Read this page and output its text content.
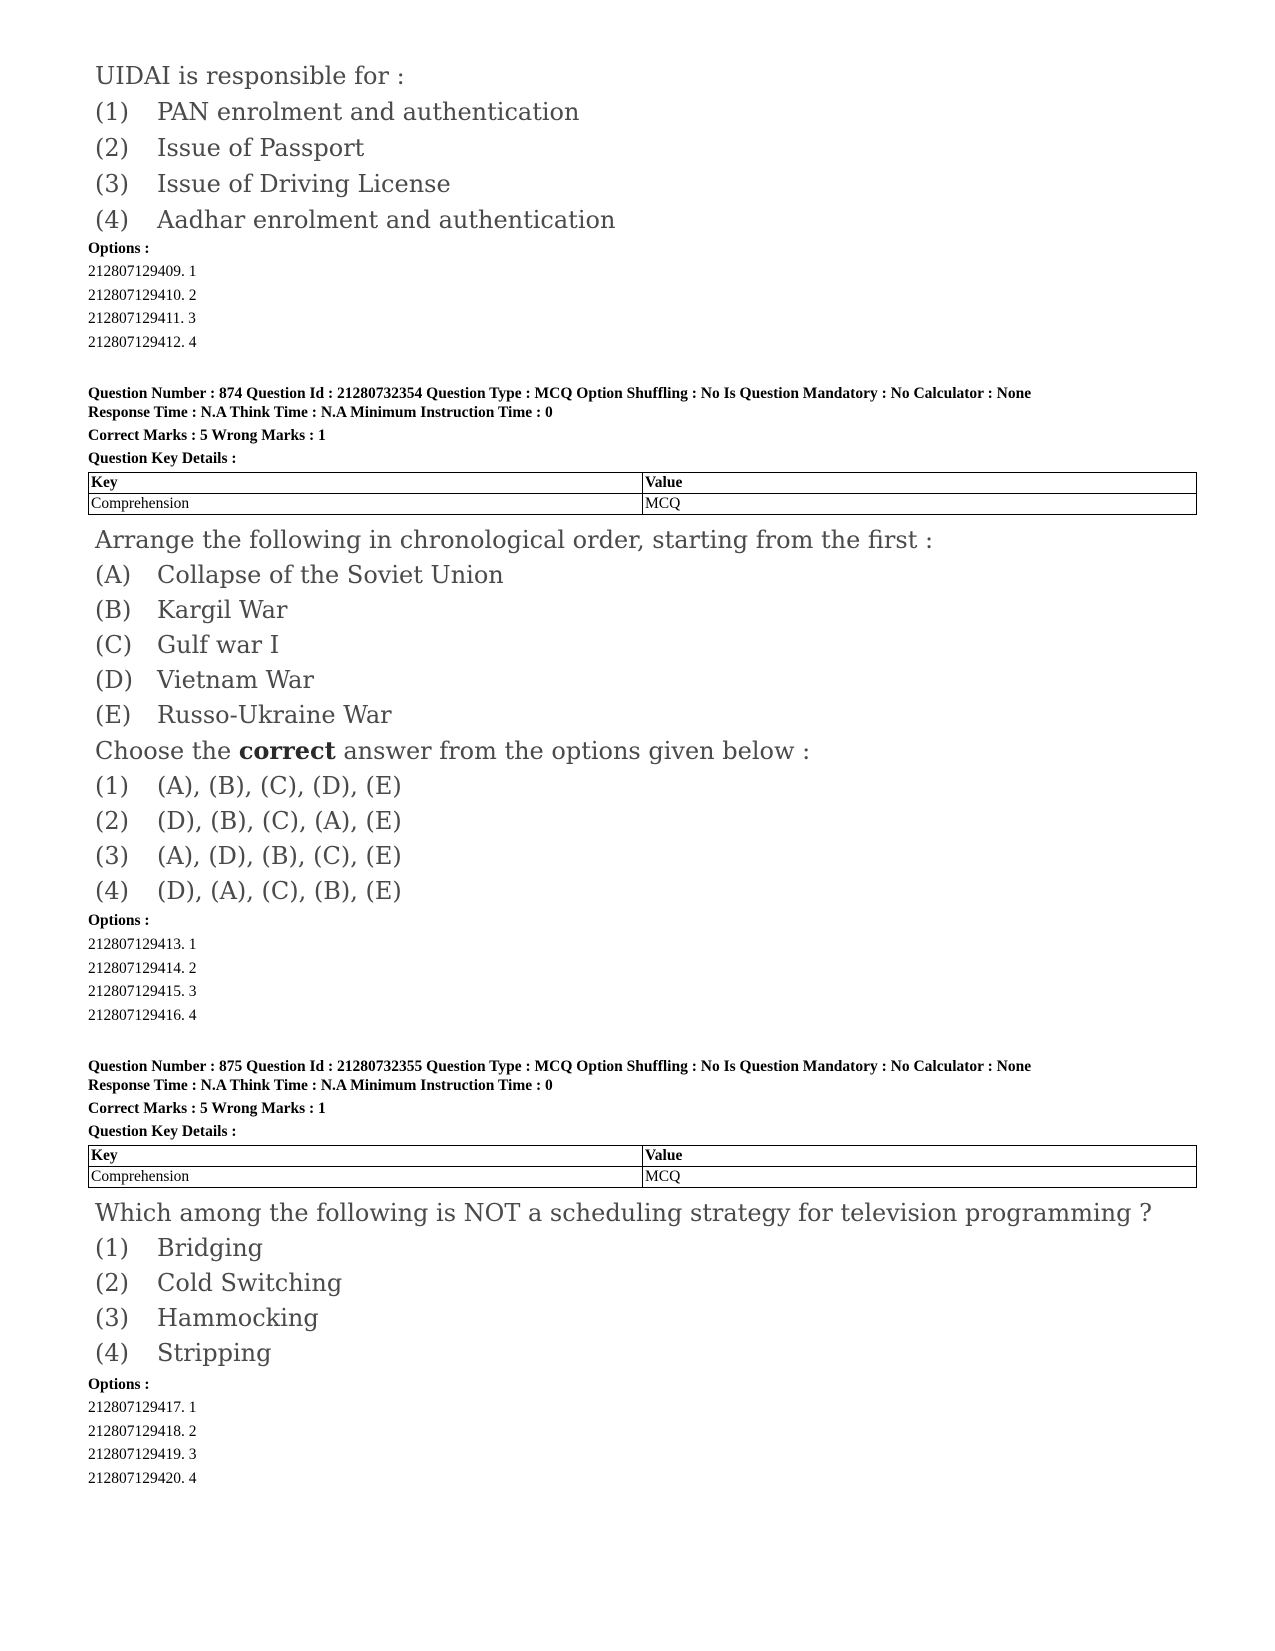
UIDAI is responsible for :
(1)	PAN enrolment and authentication
(2)	Issue of Passport
(3)	Issue of Driving License
(4)	Aadhar enrolment and authentication
Options :
212807129409. 1
212807129410. 2
212807129411. 3
212807129412. 4
Question Number : 874 Question Id : 21280732354 Question Type : MCQ Option Shuffling : No Is Question Mandatory : No Calculator : None
Response Time : N.A Think Time : N.A Minimum Instruction Time : 0
Correct Marks : 5 Wrong Marks : 1
Question Key Details :
Key	Value
Comprehension	MCQ
Arrange the following in chronological order, starting from the first :
(A)	Collapse of the Soviet Union
(B)	Kargil War
(C)	Gulf war I
(D)	Vietnam War
(E)	Russo-Ukraine War
Choose the correct answer from the options given below :
(1)	(A), (B), (C), (D), (E)
(2)	(D), (B), (C), (A), (E)
(3)	(A), (D), (B), (C), (E)
(4)	(D), (A), (C), (B), (E)
Options :
212807129413. 1
212807129414. 2
212807129415. 3
212807129416. 4
Question Number : 875 Question Id : 21280732355 Question Type : MCQ Option Shuffling : No Is Question Mandatory : No Calculator : None
Response Time : N.A Think Time : N.A Minimum Instruction Time : 0
Correct Marks : 5 Wrong Marks : 1
Question Key Details :
Key	Value
Comprehension	MCQ
Which among the following is NOT a scheduling strategy for television programming ?
(1)	Bridging
(2)	Cold Switching
(3)	Hammocking
(4)	Stripping
Options :
212807129417. 1
212807129418. 2
212807129419. 3
212807129420. 4
